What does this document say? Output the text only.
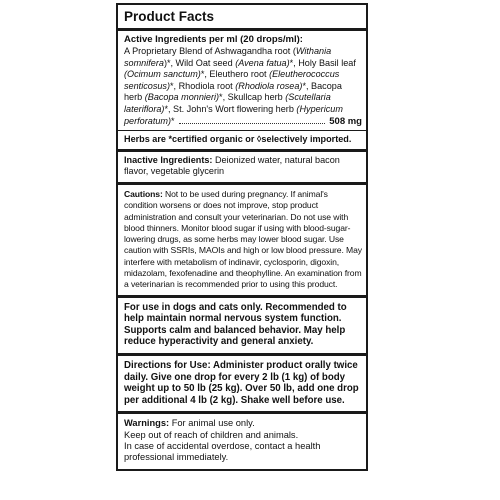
Product Facts
Active Ingredients per ml (20 drops/ml):
A Proprietary Blend of Ashwagandha root (Withania somnifera)*, Wild Oat seed (Avena fatua)*, Holy Basil leaf (Ocimum sanctum)*, Eleuthero root (Eleutherococcus senticosus)*, Rhodiola root (Rhodiola rosea)*, Bacopa herb (Bacopa monnieri)*, Skullcap herb (Scutellaria lateriflora)*, St. John's Wort flowering herb (Hypericum
perforatum) *	508 mg
Herbs are *certified organic or ◊selectively imported.
Inactive Ingredients: Deionized water, natural bacon flavor, vegetable glycerin
Cautions: Not to be used during pregnancy. If animal's condition worsens or does not improve, stop product administration and consult your veterinarian. Do not use with blood thinners. Monitor blood sugar if using with blood-sugar- lowering drugs, as some herbs may lower blood sugar. Use caution with SSRIs, MAOIs and high or low blood pressure. May interfere with metabolism of indinavir, cyclosporin, digoxin, midazolam, fexofenadine and theophylline. An examination from a veterinarian is recommended prior to using this product.
For use in dogs and cats only. Recommended to help maintain normal nervous system function. Supports calm and balanced behavior. May help reduce hyperactivity and general anxiety.
Directions for Use: Administer product orally twice daily. Give one drop for every 2 lb (1 kg) of body weight up to 50 lb (25 kg). Over 50 lb, add one drop per additional 4 lb (2 kg). Shake well before use.
Warnings: For animal use only.
Keep out of reach of children and animals.
In case of accidental overdose, contact a health professional immediately.
